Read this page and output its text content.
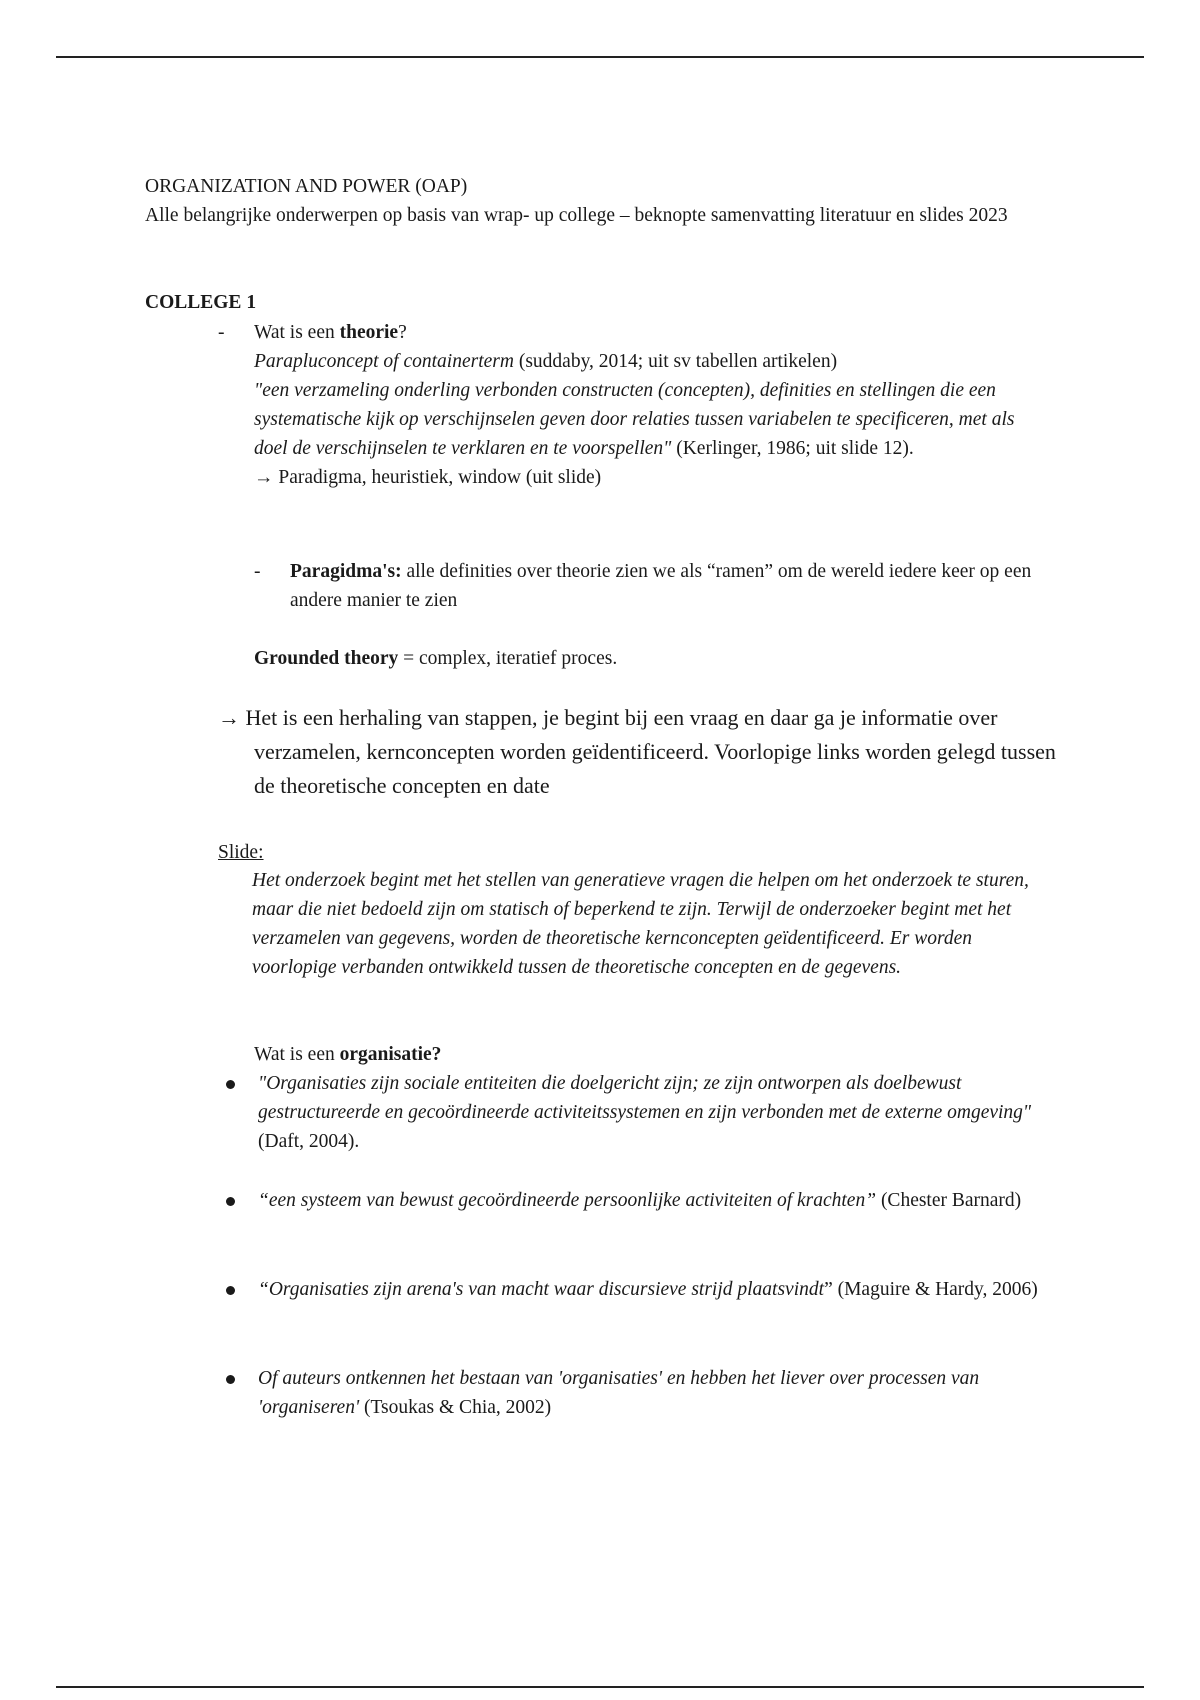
ORGANIZATION AND POWER (OAP)
Alle belangrijke onderwerpen op basis van wrap- up college – beknopte samenvatting literatuur en slides 2023
COLLEGE 1
- Wat is een theorie?
Parapluconcept of containerterm (suddaby, 2014; uit sv tabellen artikelen)
"een verzameling onderling verbonden constructen (concepten), definities en stellingen die een systematische kijk op verschijnselen geven door relaties tussen variabelen te specificeren, met als doel de verschijnselen te verklaren en te voorspellen" (Kerlinger, 1986; uit slide 12).
→ Paradigma, heuristiek, window (uit slide)
- Paragidma's: alle definities over theorie zien we als “ramen” om de wereld iedere keer op een andere manier te zien
Grounded theory = complex, iteratief proces.
→ Het is een herhaling van stappen, je begint bij een vraag en daar ga je informatie over verzamelen, kernconcepten worden geïdentificeerd. Voorlopige links worden gelegd tussen de theoretische concepten en date
Slide:
Het onderzoek begint met het stellen van generatieve vragen die helpen om het onderzoek te sturen, maar die niet bedoeld zijn om statisch of beperkend te zijn. Terwijl de onderzoeker begint met het verzamelen van gegevens, worden de theoretische kernconcepten geïdentificeerd. Er worden voorlopige verbanden ontwikkeld tussen de theoretische concepten en de gegevens.
Wat is een organisatie?
"Organisaties zijn sociale entiteiten die doelgericht zijn; ze zijn ontworpen als doelbewust gestructureerde en gecoördineerde activiteitssystemen en zijn verbonden met de externe omgeving" (Daft, 2004).
“een systeem van bewust gecoördineerde persoonlijke activiteiten of krachten” (Chester Barnard)
“Organisaties zijn arena's van macht waar discursieve strijd plaatsvindt” (Maguire & Hardy, 2006)
Of auteurs ontkennen het bestaan van 'organisaties' en hebben het liever over processen van 'organiseren' (Tsoukas & Chia, 2002)
